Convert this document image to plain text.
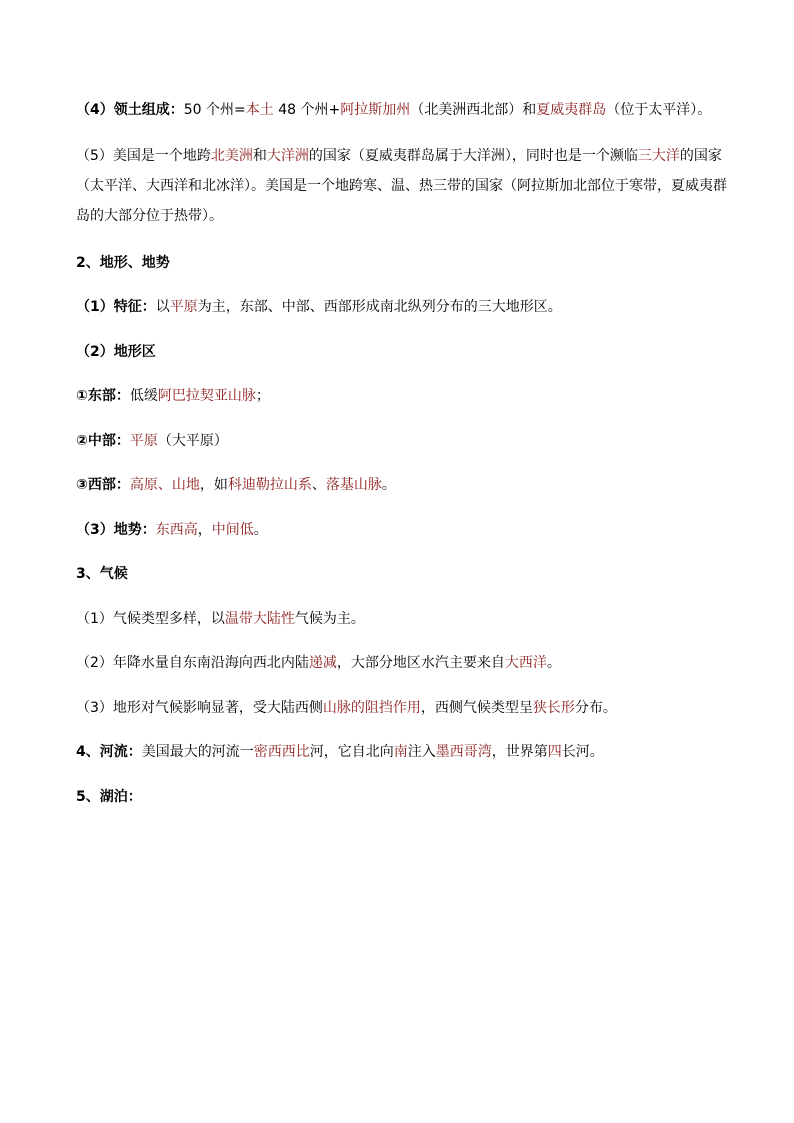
（4）领土组成：50 个州=本土 48 个州+阿拉斯加州（北美洲西北部）和夏威夷群岛（位于太平洋）。
（5）美国是一个地跨北美洲和大洋洲的国家（夏威夷群岛属于大洋洲），同时也是一个濒临三大洋的国家
（太平洋、大西洋和北冰洋）。美国是一个地跨寒、温、热三带的国家（阿拉斯加北部位于寒带，夏威夷群
岛的大部分位于热带）。
2、地形、地势
（1）特征：以平原为主，东部、中部、西部形成南北纵列分布的三大地形区。
（2）地形区
①东部：低缓阿巴拉契亚山脉；
②中部：平原（大平原）
③西部：高原、山地，如科迪勒拉山系、落基山脉。
（3）地势：东西高，中间低。
3、气候
（1）气候类型多样，以温带大陆性气候为主。
（2）年降水量自东南沿海向西北内陆递减，大部分地区水汽主要来自大西洋。
（3）地形对气候影响显著，受大陆西侧山脉的阻挡作用，西侧气候类型呈狭长形分布。
4、河流：美国最大的河流一密西西比河，它自北向南注入墨西哥湾，世界第四长河。
5、湖泊：
